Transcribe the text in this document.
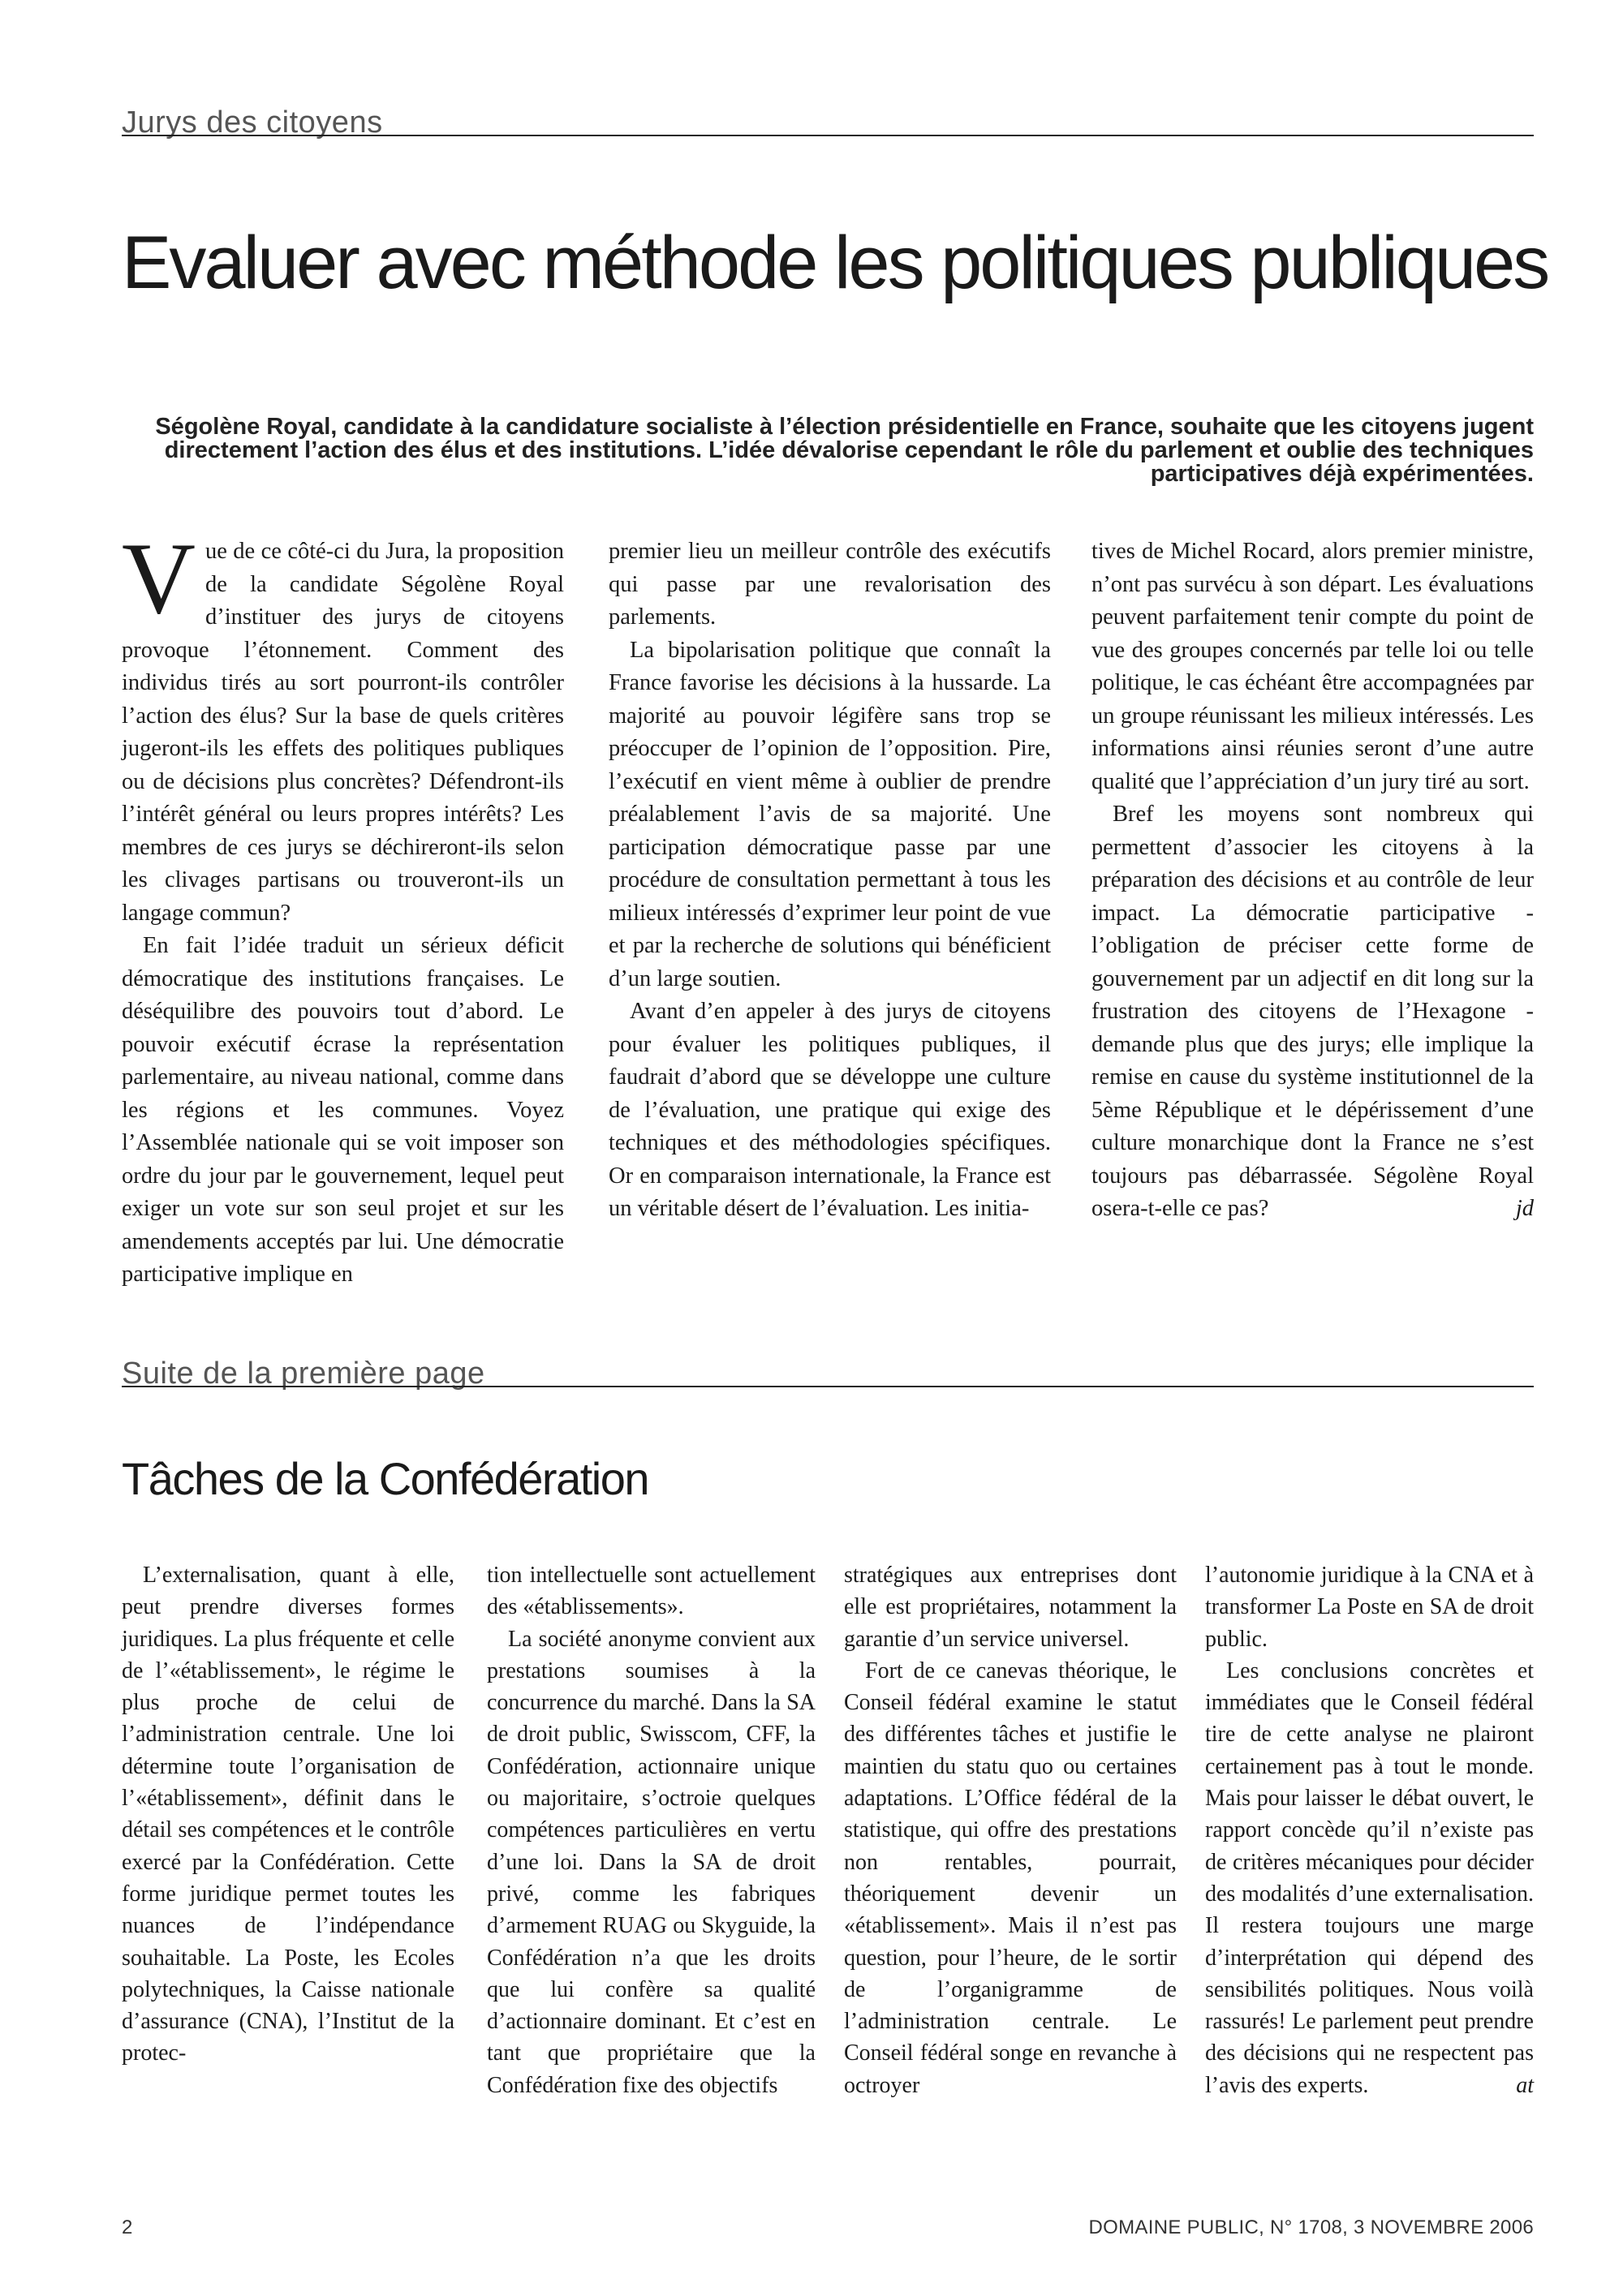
Jurys des citoyens
Evaluer avec méthode les politiques publiques
Ségolène Royal, candidate à la candidature socialiste à l’élection présidentielle en France, souhaite que les citoyens jugent directement l’action des élus et des institutions. L’idée dévalorise cependant le rôle du parlement et oublie des techniques participatives déjà expérimentées.

Vue de ce côté-ci du Jura, la proposition de la candidate Ségolène Royal d’instituer des jurys de citoyens provoque l’étonnement. Comment des individus tirés au sort pourront-ils contrôler l’action des élus? Sur la base de quels critères jugeront-ils les effets des politiques publiques ou de décisions plus concrètes? Défendront-ils l’intérêt général ou leurs propres intérêts? Les membres de ces jurys se déchireront-ils selon les clivages partisans ou trouveront-ils un langage commun?

En fait l’idée traduit un sérieux déficit démocratique des institutions françaises. Le déséquilibre des pouvoirs tout d’abord. Le pouvoir exécutif écrase la représentation parlementaire, au niveau national, comme dans les régions et les communes. Voyez l’Assemblée nationale qui se voit imposer son ordre du jour par le gouvernement, lequel peut exiger un vote sur son seul projet et sur les amendements acceptés par lui. Une démocratie participative implique en

premier lieu un meilleur contrôle des exécutifs qui passe par une revalorisation des parlements.

La bipolarisation politique que connaît la France favorise les décisions à la hussarde. La majorité au pouvoir légifère sans trop se préoccuper de l’opinion de l’opposition. Pire, l’exécutif en vient même à oublier de prendre préalablement l’avis de sa majorité. Une participation démocratique passe par une procédure de consultation permettant à tous les milieux intéressés d’exprimer leur point de vue et par la recherche de solutions qui bénéficient d’un large soutien.

Avant d’en appeler à des jurys de citoyens pour évaluer les politiques publiques, il faudrait d’abord que se développe une culture de l’évaluation, une pratique qui exige des techniques et des méthodologies spécifiques. Or en comparaison internationale, la France est un véritable désert de l’évaluation. Les initia-

tives de Michel Rocard, alors premier ministre, n’ont pas survécu à son départ. Les évaluations peuvent parfaitement tenir compte du point de vue des groupes concernés par telle loi ou telle politique, le cas échéant être accompagnées par un groupe réunissant les milieux intéressés. Les informations ainsi réunies seront d’une autre qualité que l’appréciation d’un jury tiré au sort.

Bref les moyens sont nombreux qui permettent d’associer les citoyens à la préparation des décisions et au contrôle de leur impact. La démocratie participative - l’obligation de préciser cette forme de gouvernement par un adjectif en dit long sur la frustration des citoyens de l’Hexagone - demande plus que des jurys; elle implique la remise en cause du système institutionnel de la 5ème République et le dépérissement d’une culture monarchique dont la France ne s’est toujours pas débarrassée. Ségolène Royal osera-t-elle ce pas?	jd

Suite de la première page
Tâches de la Confédération

L’externalisation, quant à elle, peut prendre diverses formes juridiques. La plus fréquente et celle de l’«établissement», le régime le plus proche de celui de l’administration centrale. Une loi détermine toute l’organisation de l’«établissement», définit dans le détail ses compétences et le contrôle exercé par la Confédération. Cette forme juridique permet toutes les nuances de l’indépendance souhaitable. La Poste, les Ecoles polytechniques, la Caisse nationale d’assurance (CNA), l’Institut de la protec-

tion intellectuelle sont actuellement des «établissements».

La société anonyme convient aux prestations soumises à la concurrence du marché. Dans la SA de droit public, Swisscom, CFF, la Confédération, actionnaire unique ou majoritaire, s’octroie quelques compétences particulières en vertu d’une loi. Dans la SA de droit privé, comme les fabriques d’armement RUAG ou Skyguide, la Confédération n’a que les droits que lui confère sa qualité d’actionnaire dominant. Et c’est en tant que propriétaire que la Confédération fixe des objectifs

stratégiques aux entreprises dont elle est propriétaires, notamment la garantie d’un service universel.

Fort de ce canevas théorique, le Conseil fédéral examine le statut des différentes tâches et justifie le maintien du statu quo ou certaines adaptations. L’Office fédéral de la statistique, qui offre des prestations non rentables, pourrait, théoriquement devenir un «établissement». Mais il n’est pas question, pour l’heure, de le sortir de l’organigramme de l’administration centrale. Le Conseil fédéral songe en revanche à octroyer

l’autonomie juridique à la CNA et à transformer La Poste en SA de droit public.

Les conclusions concrètes et immédiates que le Conseil fédéral tire de cette analyse ne plairont certainement pas à tout le monde. Mais pour laisser le débat ouvert, le rapport concède qu’il n’existe pas de critères mécaniques pour décider des modalités d’une externalisation. Il restera toujours une marge d’interprétation qui dépend des sensibilités politiques. Nous voilà rassurés! Le parlement peut prendre des décisions qui ne respectent pas l’avis des experts.	at

2	DOMAINE PUBLIC, N° 1708, 3 NOVEMBRE 2006
